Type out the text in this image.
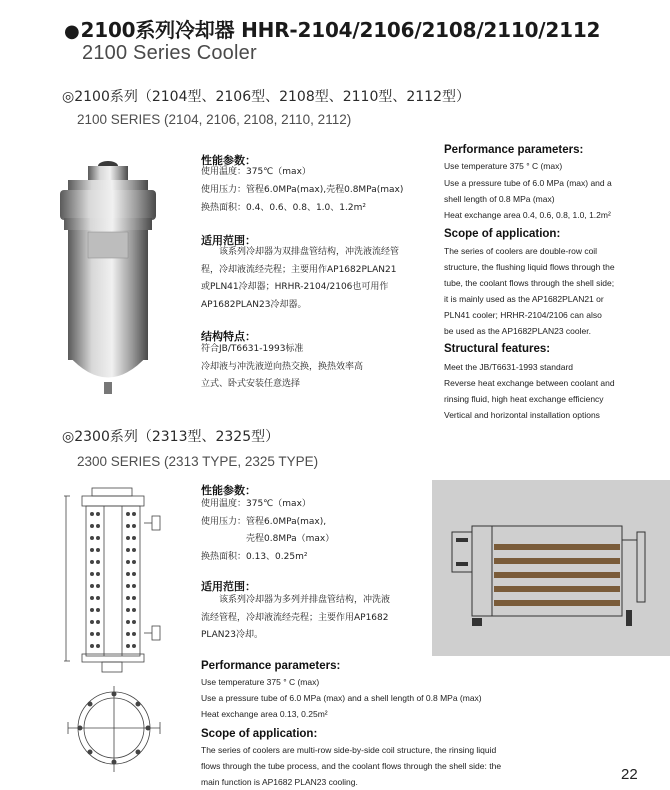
●2100系列冷却器 HHR-2104/2106/2108/2110/2112
2100 Series Cooler
◎2100系列（2104型、2106型、2108型、2110型、2112型）
2100 SERIES (2104, 2106, 2108, 2110, 2112)
性能参数：
使用温度：375℃（max）
使用压力：管程6.0MPa(max),壳程0.8MPa(max)
换热面积：0.4、0.6、0.8、1.0、1.2m²
适用范围：
　　该系列冷却器为双排盘管结构，冲洗液流经管
程，冷却液流经壳程；主要用作AP1682PLAN21
或PLN41冷却器；HRHR-2104/2106也可用作
AP1682PLAN23冷却器。
结构特点：
符合JB/T6631-1993标准
冷却液与冲洗液逆向热交换，换热效率高
立式、卧式安装任意选择
Performance parameters:
Use temperature 375 ° C (max)
Use a pressure tube of 6.0 MPa (max) and a
shell length of 0.8 MPa (max)
Heat exchange area 0.4, 0.6, 0.8, 1.0, 1.2m²
Scope of application:
The series of coolers are double-row coil
structure, the flushing liquid flows through the
tube, the coolant flows through the shell side;
it is mainly used as the AP1682PLAN21 or
PLN41 cooler; HRHR-2104/2106 can also
be used as the AP1682PLAN23 cooler.
Structural features:
Meet the JB/T6631-1993 standard
Reverse heat exchange between coolant and
rinsing fluid, high heat exchange efficiency
Vertical and horizontal installation options
◎2300系列（2313型、2325型）
2300 SERIES (2313 TYPE, 2325 TYPE)
性能参数：
使用温度：375℃（max）
使用压力：管程6.0MPa(max),
　　　　　壳程0.8MPa（max）
换热面积：0.13、0.25m²
适用范围：
　　该系列冷却器为多列并排盘管结构，冲洗液
流经管程，冷却液流经壳程；主要作用AP1682
PLAN23冷却。
Performance parameters:
Use temperature 375 ° C (max)
Use a pressure tube of 6.0 MPa (max) and a shell length of 0.8 MPa (max)
Heat exchange area 0.13, 0.25m²
Scope of application:
The series of coolers are multi-row side-by-side coil structure, the rinsing liquid
flows through the tube process, and the coolant flows through the shell side: the
main function is AP1682 PLAN23 cooling.	22
